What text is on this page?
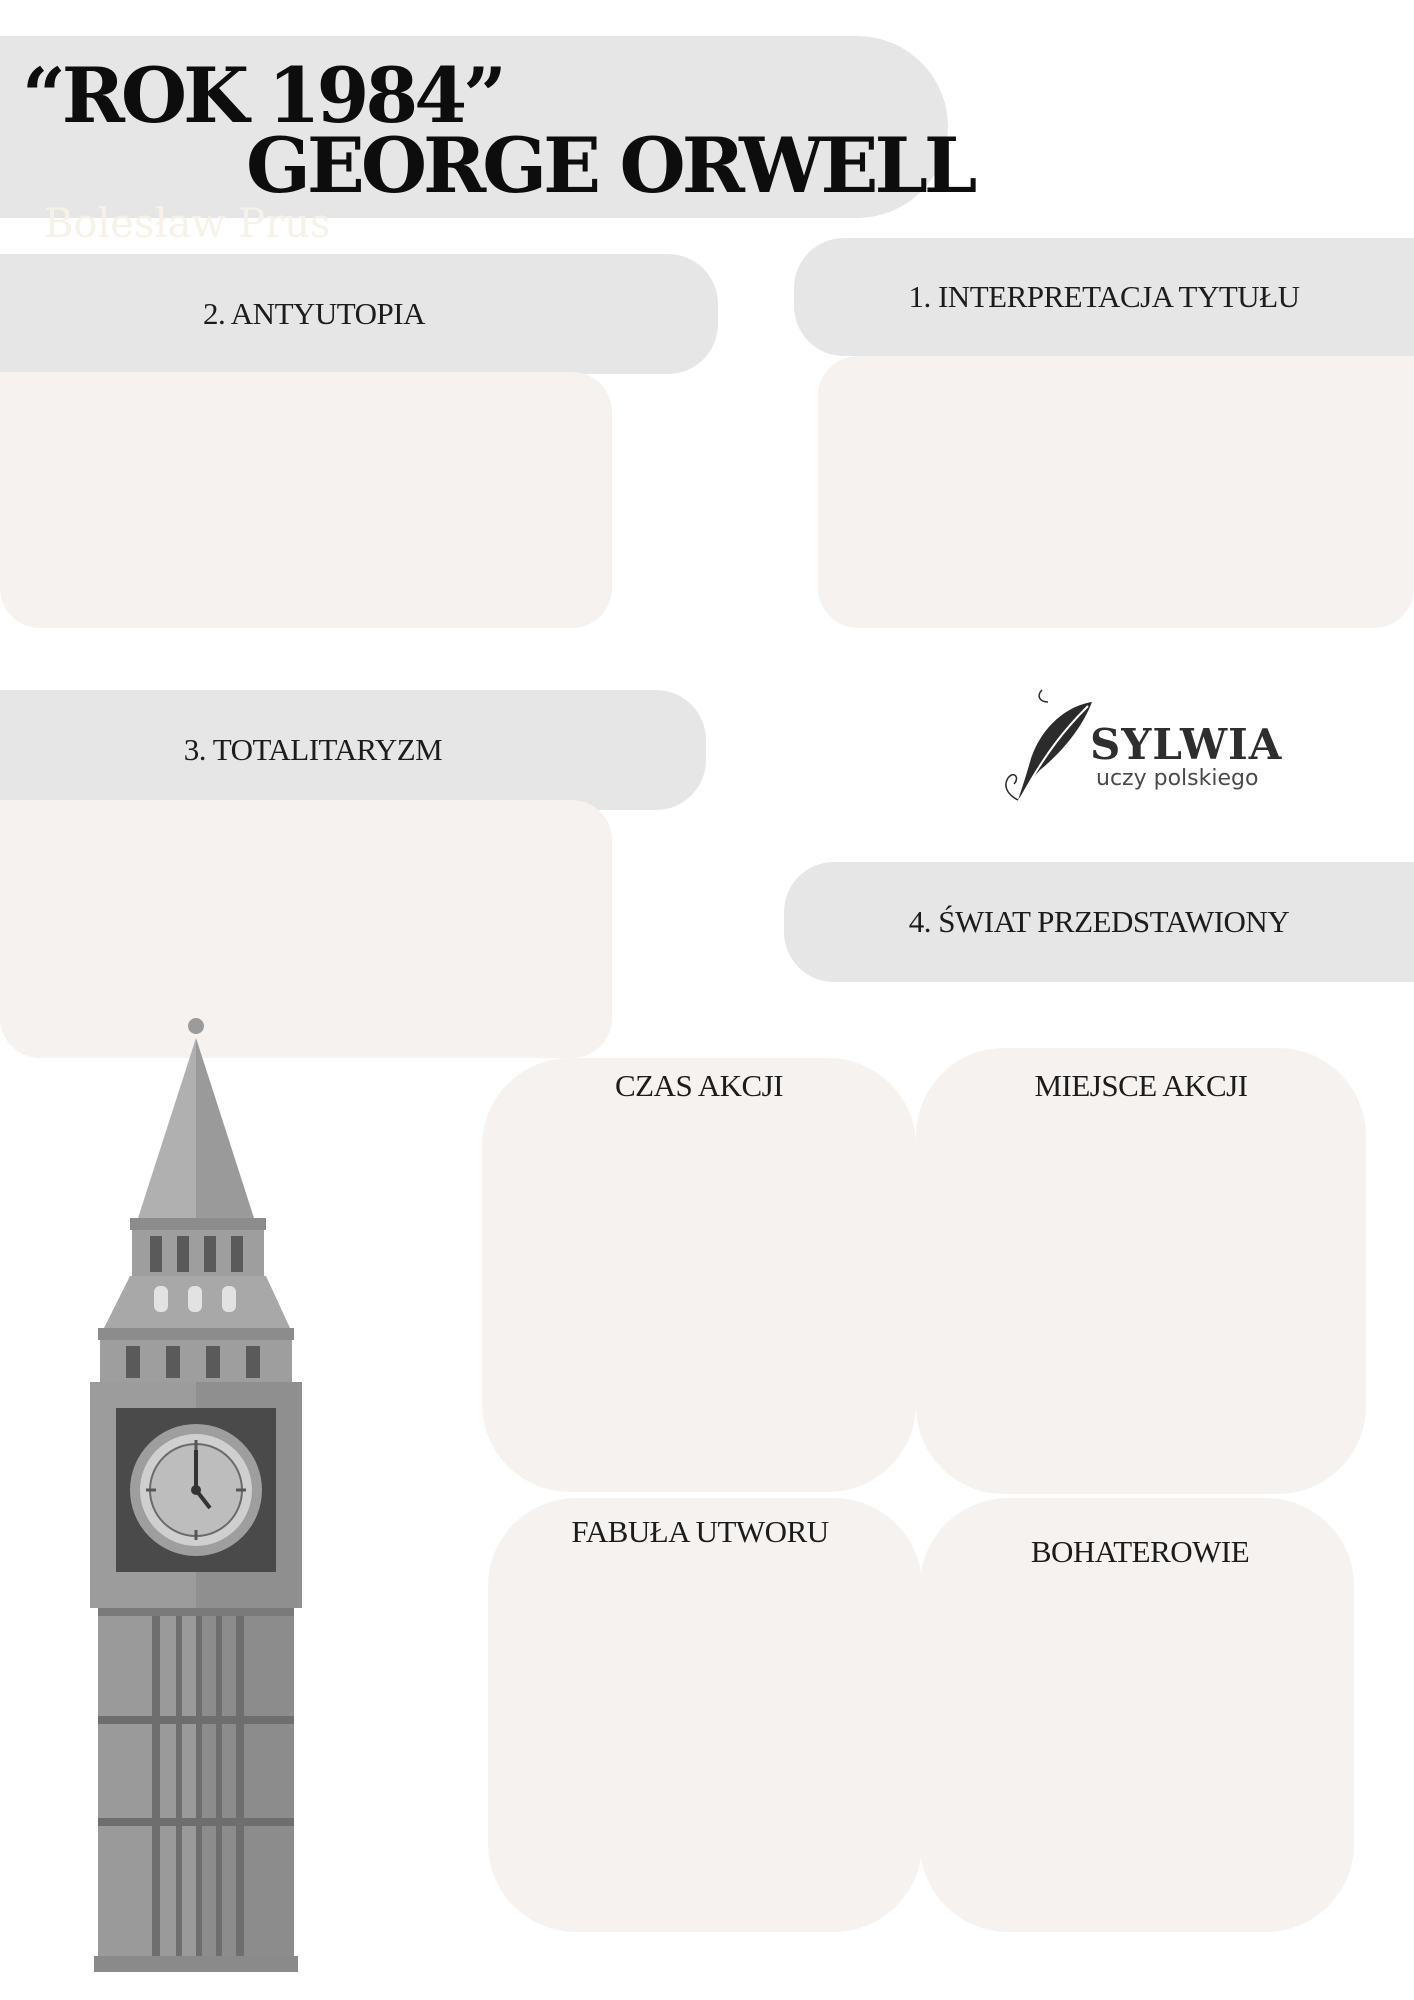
“ROK 1984”
GEORGE ORWELL
Bolesław Prus
2. ANTYUTOPIA	1. INTERPRETACJA TYTUŁU
3. TOTALITARYZM	SYLWIA
uczy polskiego
4. ŚWIAT PRZEDSTAWIONY
CZAS AKCJI	MIEJSCE AKCJI
FABUŁA UTWORU
BOHATEROWIE
